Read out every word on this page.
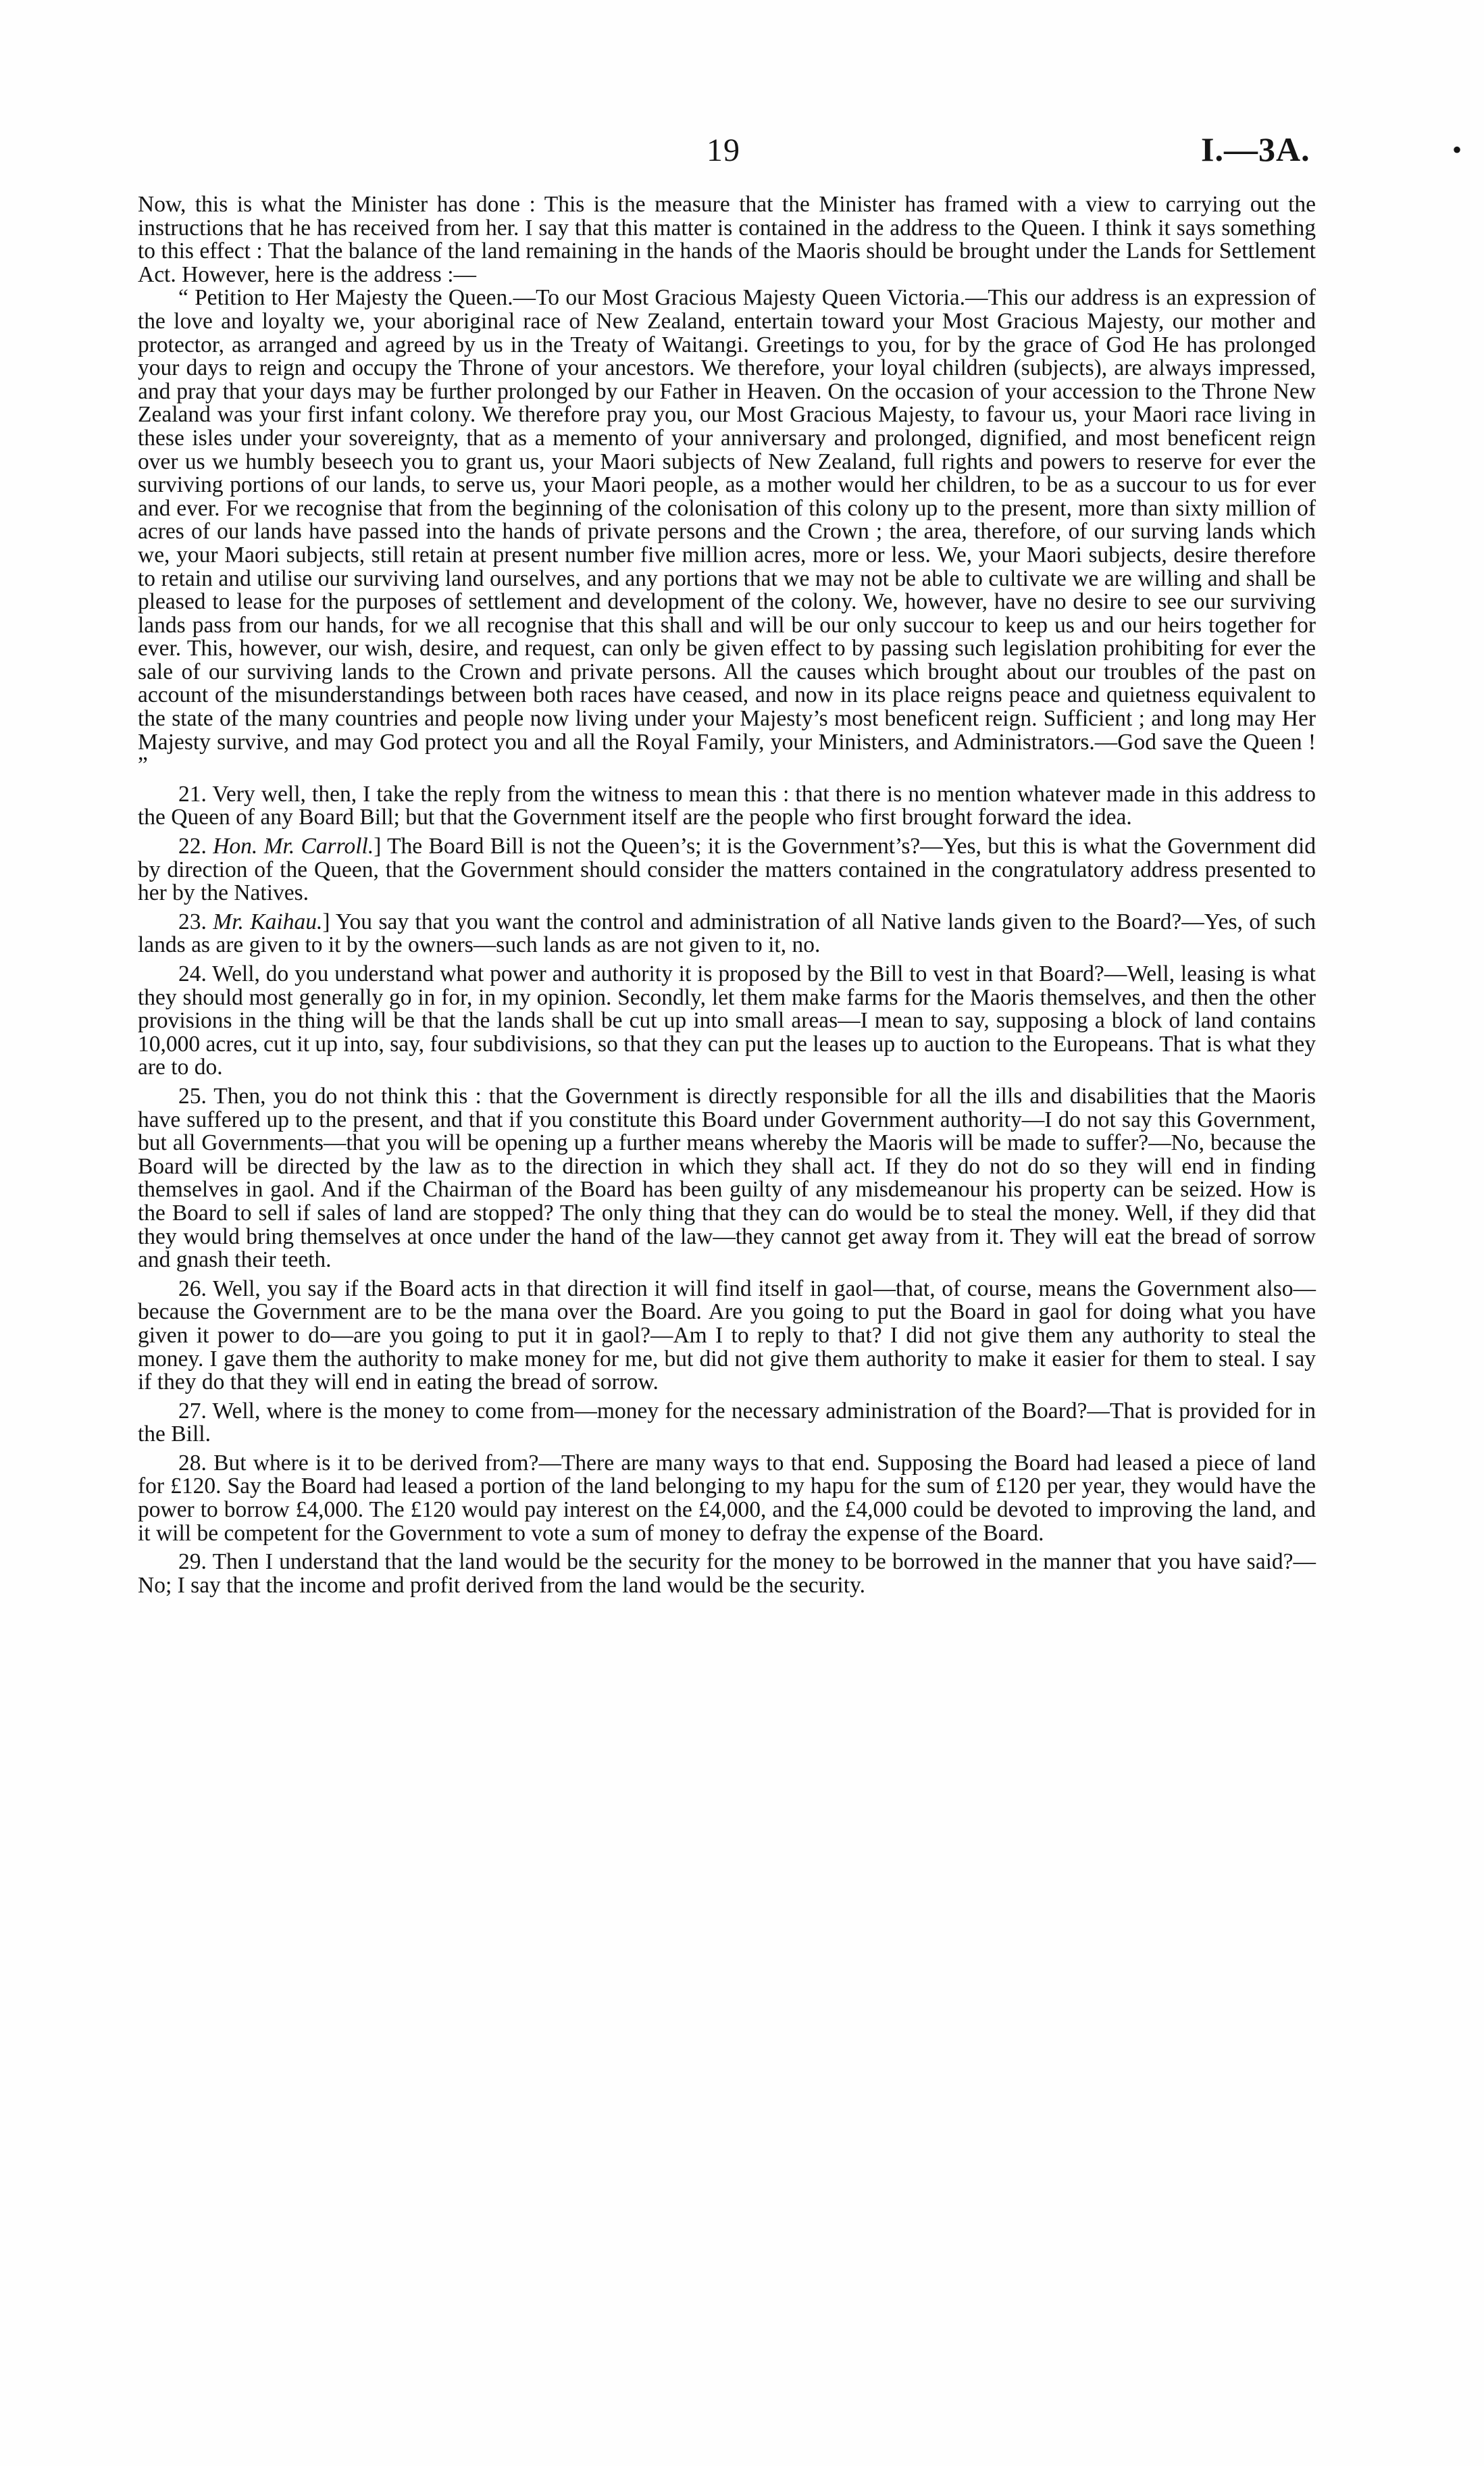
19	I.—3A.	•

Now, this is what the Minister has done : This is the measure that the Minister has framed with a view to carrying out the instructions that he has received from her. I say that this matter is contained in the address to the Queen. I think it says something to this effect : That the balance of the land remaining in the hands of the Maoris should be brought under the Lands for Settlement Act. However, here is the address :—

“ Petition to Her Majesty the Queen.—To our Most Gracious Majesty Queen Victoria.—This our address is an expression of the love and loyalty we, your aboriginal race of New Zealand, entertain toward your Most Gracious Majesty, our mother and protector, as arranged and agreed by us in the Treaty of Waitangi. Greetings to you, for by the grace of God He has prolonged your days to reign and occupy the Throne of your ancestors. We therefore, your loyal children (subjects), are always impressed, and pray that your days may be further prolonged by our Father in Heaven. On the occasion of your accession to the Throne New Zealand was your first infant colony. We therefore pray you, our Most Gracious Majesty, to favour us, your Maori race living in these isles under your sovereignty, that as a memento of your anniversary and prolonged, dignified, and most beneficent reign over us we humbly beseech you to grant us, your Maori subjects of New Zealand, full rights and powers to reserve for ever the surviving portions of our lands, to serve us, your Maori people, as a mother would her children, to be as a succour to us for ever and ever. For we recognise that from the beginning of the colonisation of this colony up to the present, more than sixty million of acres of our lands have passed into the hands of private persons and the Crown ; the area, therefore, of our surving lands which we, your Maori subjects, still retain at present number five million acres, more or less. We, your Maori subjects, desire therefore to retain and utilise our surviving land ourselves, and any portions that we may not be able to cultivate we are willing and shall be pleased to lease for the purposes of settlement and development of the colony. We, however, have no desire to see our surviving lands pass from our hands, for we all recognise that this shall and will be our only succour to keep us and our heirs together for ever. This, however, our wish, desire, and request, can only be given effect to by passing such legislation prohibiting for ever the sale of our surviving lands to the Crown and private persons. All the causes which brought about our troubles of the past on account of the misunderstandings between both races have ceased, and now in its place reigns peace and quietness equivalent to the state of the many countries and people now living under your Majesty’s most beneficent reign. Sufficient ; and long may Her Majesty survive, and may God protect you and all the Royal Family, your Ministers, and Administrators.—God save the Queen ! ”

21. Very well, then, I take the reply from the witness to mean this : that there is no mention whatever made in this address to the Queen of any Board Bill; but that the Government itself are the people who first brought forward the idea.

22. Hon. Mr. Carroll.] The Board Bill is not the Queen’s; it is the Government’s?—Yes, but this is what the Government did by direction of the Queen, that the Government should consider the matters contained in the congratulatory address presented to her by the Natives.

23. Mr. Kaihau.] You say that you want the control and administration of all Native lands given to the Board?—Yes, of such lands as are given to it by the owners—such lands as are not given to it, no.

24. Well, do you understand what power and authority it is proposed by the Bill to vest in that Board?—Well, leasing is what they should most generally go in for, in my opinion. Secondly, let them make farms for the Maoris themselves, and then the other provisions in the thing will be that the lands shall be cut up into small areas—I mean to say, supposing a block of land contains 10,000 acres, cut it up into, say, four subdivisions, so that they can put the leases up to auction to the Europeans. That is what they are to do.

25. Then, you do not think this : that the Government is directly responsible for all the ills and disabilities that the Maoris have suffered up to the present, and that if you constitute this Board under Government authority—I do not say this Government, but all Governments—that you will be opening up a further means whereby the Maoris will be made to suffer?—No, because the Board will be directed by the law as to the direction in which they shall act. If they do not do so they will end in finding themselves in gaol. And if the Chairman of the Board has been guilty of any misdemeanour his property can be seized. How is the Board to sell if sales of land are stopped? The only thing that they can do would be to steal the money. Well, if they did that they would bring themselves at once under the hand of the law—they cannot get away from it. They will eat the bread of sorrow and gnash their teeth.

26. Well, you say if the Board acts in that direction it will find itself in gaol—that, of course, means the Government also—because the Government are to be the mana over the Board. Are you going to put the Board in gaol for doing what you have given it power to do—are you going to put it in gaol?—Am I to reply to that? I did not give them any authority to steal the money. I gave them the authority to make money for me, but did not give them authority to make it easier for them to steal. I say if they do that they will end in eating the bread of sorrow.

27. Well, where is the money to come from—money for the necessary administration of the Board?—That is provided for in the Bill.

28. But where is it to be derived from?—There are many ways to that end. Supposing the Board had leased a piece of land for £120. Say the Board had leased a portion of the land belonging to my hapu for the sum of £120 per year, they would have the power to borrow £4,000. The £120 would pay interest on the £4,000, and the £4,000 could be devoted to improving the land, and it will be competent for the Government to vote a sum of money to defray the expense of the Board.

29. Then I understand that the land would be the security for the money to be borrowed in the manner that you have said?—No; I say that the income and profit derived from the land would be the security.
